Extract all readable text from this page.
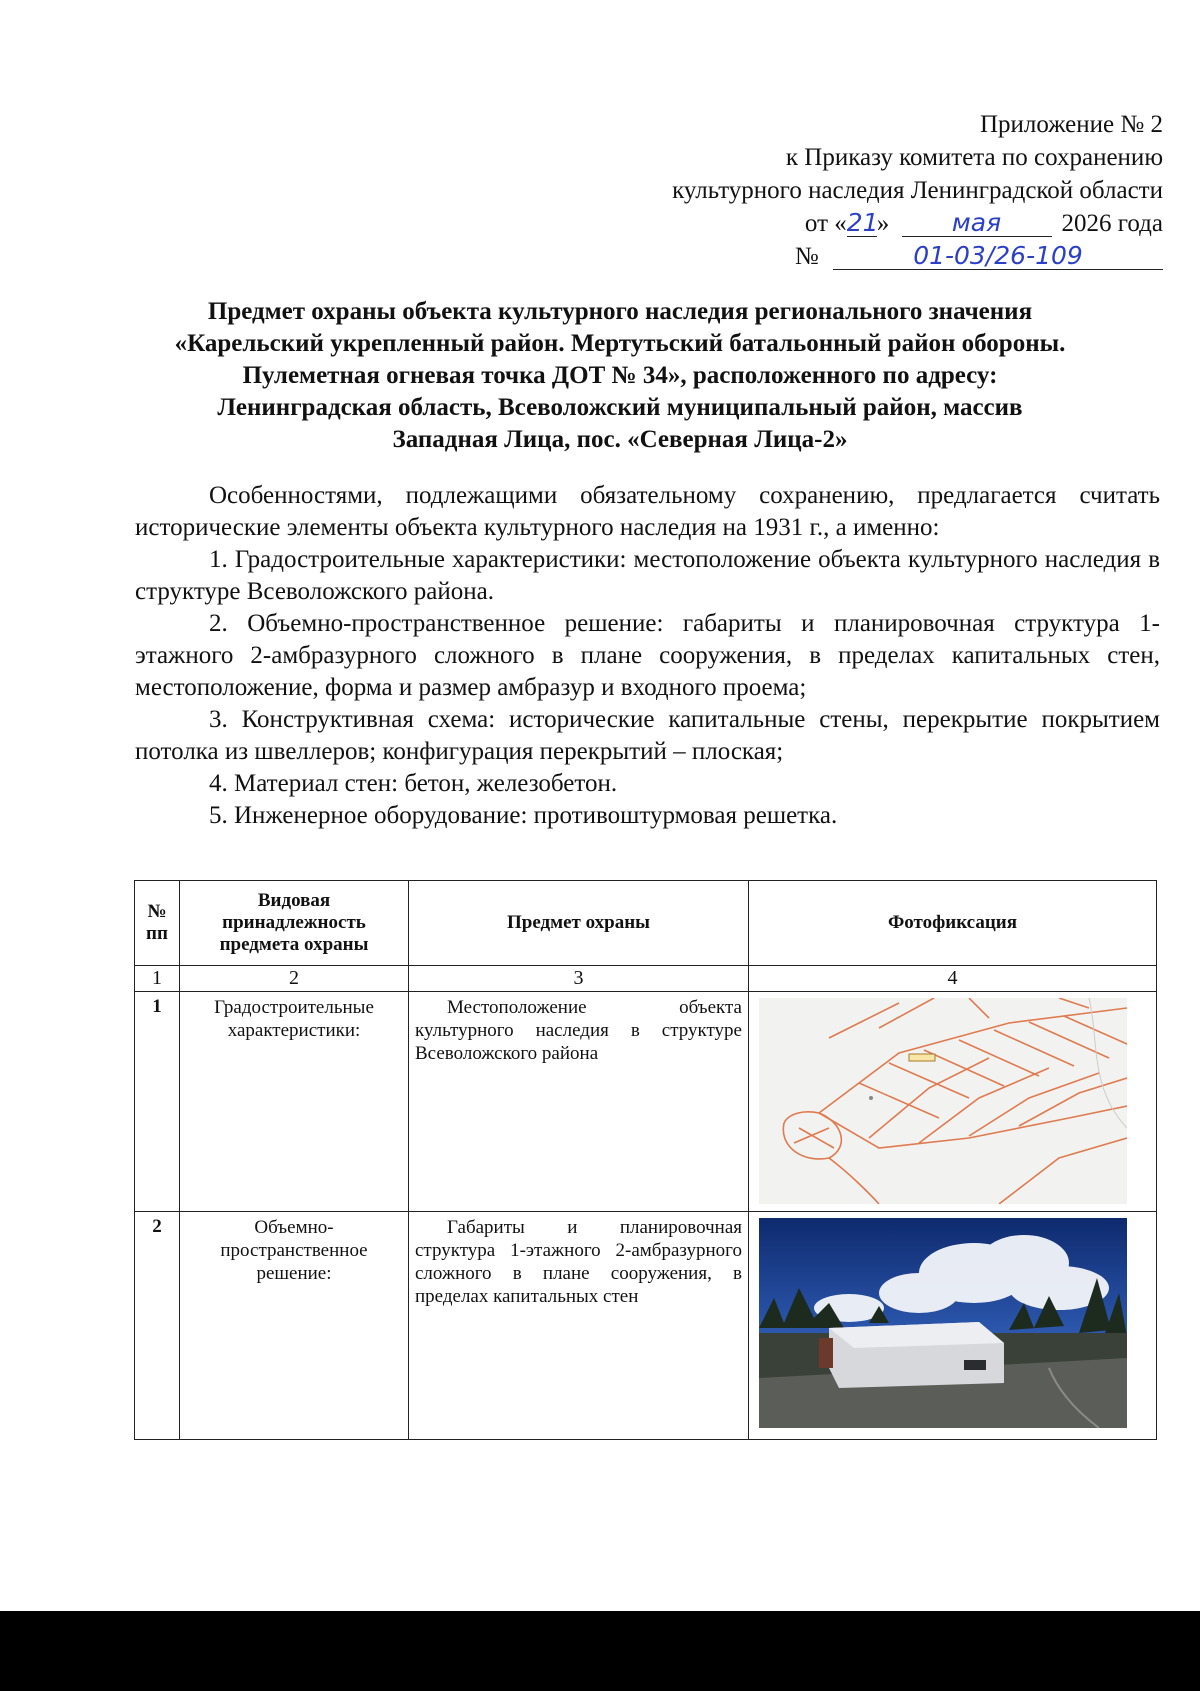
Приложение № 2
к Приказу комитета по сохранению
культурного наследия Ленинградской области
от «21»	мая 2026 года
№	01-03/26-109
Предмет охраны объекта культурного наследия регионального значения
«Карельский укрепленный район. Мертутьский батальонный район обороны.
Пулеметная огневая точка ДОТ № 34», расположенного по адресу:
Ленинградская область, Всеволожский муниципальный район, массив
Западная Лица, пос. «Северная Лица-2»

Особенностями, подлежащими обязательному сохранению, предлагается считать исторические элементы объекта культурного наследия на 1931 г., а именно:

1. Градостроительные характеристики: местоположение объекта культурного наследия в структуре Всеволожского района.

2. Объемно-пространственное решение: габариты и планировочная структура 1-этажного 2-амбразурного сложного в плане сооружения, в пределах капитальных стен, местоположение, форма и размер амбразур и входного проема;

3. Конструктивная схема: исторические капитальные стены, перекрытие покрытием потолка из швеллеров; конфигурация перекрытий – плоская;

4. Материал стен: бетон, железобетон.

5. Инженерное оборудование: противоштурмовая решетка.

№ пп	Видовая принадлежность предмета охраны	Предмет охраны	Фотофиксация
1	2	3	4
1	Градостроительные характеристики:	Местоположение объекта культурного наследия в структуре Всеволожского района	

2	Объемно-пространственное решение:	Габариты и планировочная структура 1-этажного 2-амбразурного сложного в плане сооружения, в пределах капитальных стен	
